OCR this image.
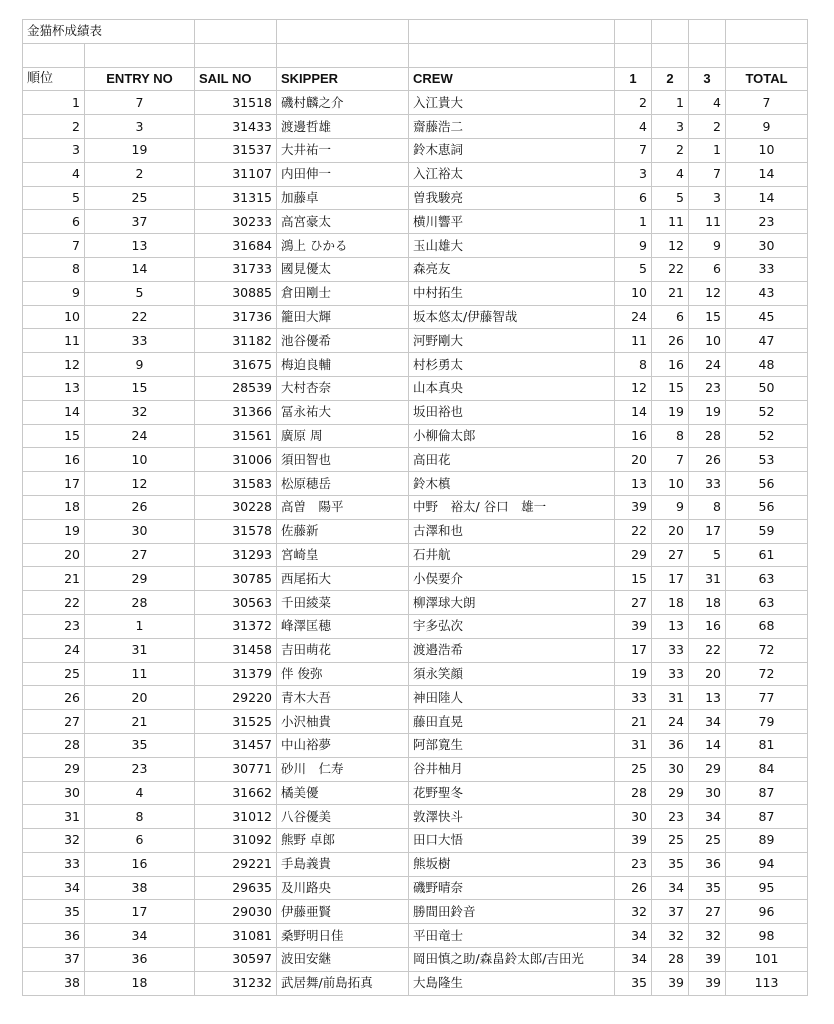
金猫杯成績表								

順位	ENTRY NO	SAIL NO	SKIPPER	CREW	1	2	3	TOTAL
1	7	31518	磯村麟之介	入江貴大	2	1	4	7
2	3	31433	渡邊哲雄	齋藤浩二	4	3	2	9
3	19	31537	大井祐一	鈴木恵詞	7	2	1	10
4	2	31107	内田伸一	入江裕太	3	4	7	14
5	25	31315	加藤卓	曽我駿亮	6	5	3	14
6	37	30233	高宮豪太	横川響平	1	11	11	23
7	13	31684	鴻上 ひかる	玉山雄大	9	12	9	30
8	14	31733	國見優太	森亮友	5	22	6	33
9	5	30885	倉田剛士	中村拓生	10	21	12	43
10	22	31736	籠田大輝	坂本悠太/伊藤智哉	24	6	15	45
11	33	31182	池谷優希	河野剛大	11	26	10	47
12	9	31675	梅迫良輔	村杉勇太	8	16	24	48
13	15	28539	大村杏奈	山本真央	12	15	23	50
14	32	31366	冨永祐大	坂田裕也	14	19	19	52
15	24	31561	廣原 周	小柳倫太郎	16	8	28	52
16	10	31006	須田智也	高田花	20	7	26	53
17	12	31583	松原穂岳	鈴木槙	13	10	33	56
18	26	30228	高曽　陽平	中野　裕太/ 谷口　雄一	39	9	8	56
19	30	31578	佐藤新	古澤和也	22	20	17	59
20	27	31293	宮崎皇	石井航	29	27	5	61
21	29	30785	西尾拓大	小俣要介	15	17	31	63
22	28	30563	千田綾菜	柳澤球大朗	27	18	18	63
23	1	31372	峰澤匡穂	宇多弘次	39	13	16	68
24	31	31458	吉田萌花	渡邉浩希	17	33	22	72
25	11	31379	伴 俊弥	須永笑顔	19	33	20	72
26	20	29220	青木大吾	神田陸人	33	31	13	77
27	21	31525	小沢柚貴	藤田直晃	21	24	34	79
28	35	31457	中山裕夢	阿部寛生	31	36	14	81
29	23	30771	砂川　仁寿	谷井柚月	25	30	29	84
30	4	31662	橘美優	花野聖冬	28	29	30	87
31	8	31012	八谷優美	敦澤快斗	30	23	34	87
32	6	31092	熊野 卓郎	田口大悟	39	25	25	89
33	16	29221	手島義貴	熊坂樹	23	35	36	94
34	38	29635	及川路央	磯野晴奈	26	34	35	95
35	17	29030	伊藤亜賢	勝間田鈴音	32	37	27	96
36	34	31081	桑野明日佳	平田竜士	34	32	32	98
37	36	30597	波田安継	岡田慎之助/森畠鈴太郎/吉田光	34	28	39	101
38	18	31232	武居舞/前島拓真	大島隆生	35	39	39	113
